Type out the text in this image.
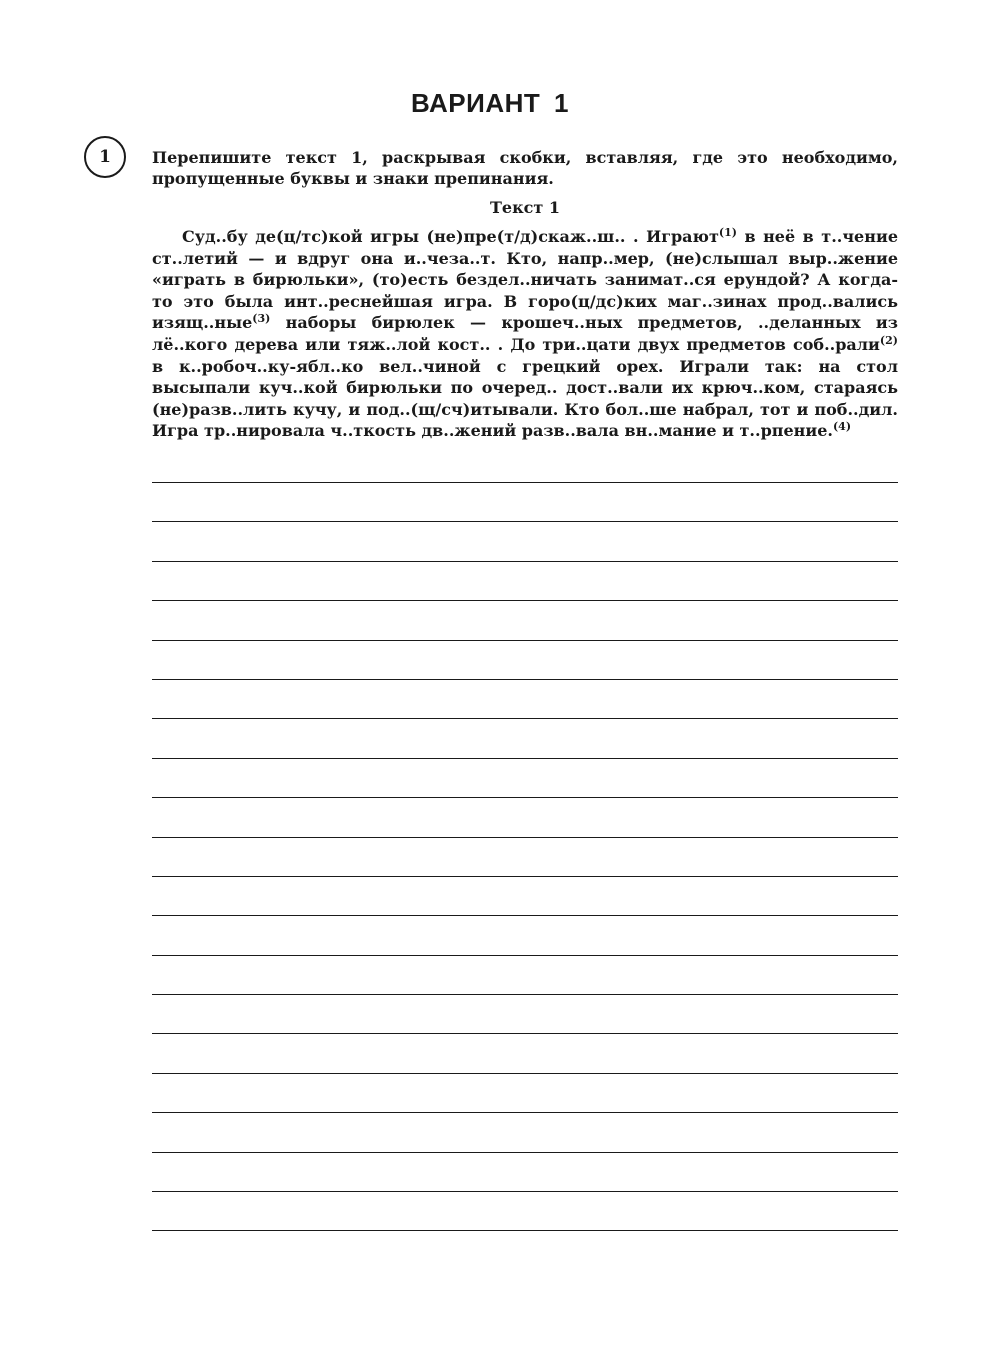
ВАРИАНТ 1
1	Перепишите текст 1, раскрывая скобки, вставляя, где это необходимо, пропущенные буквы и знаки препинания.

Текст 1

Суд..бу де(ц/тс)кой игры (не)пре(т/д)скаж..ш.. . Играют$^{(1)}$ в неё в т..чение ст..летий — и вдруг она и..чеза..т. Кто, напр..мер, (не)слышал выр..жение «играть в бирюльки», (то)есть бездел..ничать занимат..ся ерундой? А когда-то это была инт..реснейшая игра. В горо(ц/дс)ких маг..зинах прод..вались изящ..ные$^{(3)}$ наборы бирюлек — крошеч..ных предметов, ..деланных из лё..кого дерева или тяж..лой кост.. . До три..цати двух предметов соб..рали$^{(2)}$ в к..робоч..ку-ябл..ко вел..чиной с грецкий орех. Играли так: на стол высыпали куч..кой бирюльки по очеред.. дост..вали их крюч..ком, стараясь (не)разв..лить кучу, и под..(щ/сч)итывали. Кто бол..ше набрал, тот и поб..дил. Игра тр..нировала ч..ткость дв..жений разв..вала вн..мание и т..рпение.$^{(4)}$
